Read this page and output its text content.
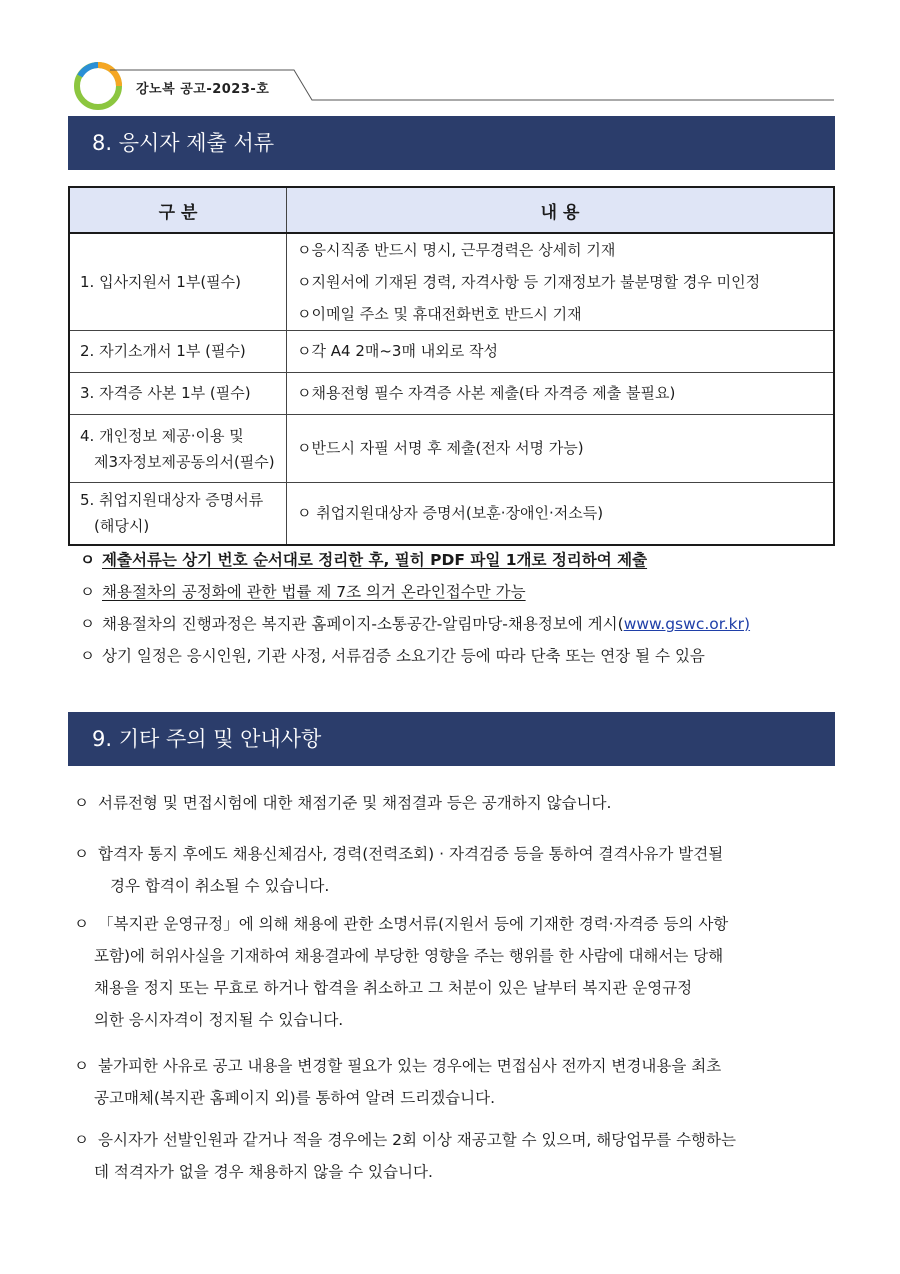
강노복 공고-2023-호
8. 응시자 제출 서류
구 분	내 용

1. 입사지원서 1부(필수)	ㅇ응시직종 반드시 명시, 근무경력은 상세히 기재
ㅇ지원서에 기재된 경력, 자격사항 등 기재정보가 불분명할 경우 미인정
ㅇ이메일 주소 및 휴대전화번호 반드시 기재

2. 자기소개서 1부 (필수)	ㅇ각 A4 2매~3매 내외로 작성

3. 자격증 사본 1부 (필수)	ㅇ채용전형 필수 자격증 사본 제출(타 자격증 제출 불필요)

4. 개인정보 제공·이용 및
제3자정보제공동의서(필수)	ㅇ반드시 자필 서명 후 제출(전자 서명 가능)

5. 취업지원대상자 증명서류
(해당시)	ㅇ 취업지원대상자 증명서(보훈·장애인·저소득)
ㅇ 제출서류는 상기 번호 순서대로 정리한 후, 필히 PDF 파일 1개로 정리하여 제출
ㅇ 채용절차의 공정화에 관한 법률 제 7조 의거 온라인접수만 가능
ㅇ 채용절차의 진행과정은 복지관 홈페이지-소통공간-알림마당-채용정보에 게시(www.gswc.or.kr)
ㅇ 상기 일정은 응시인원, 기관 사정, 서류검증 소요기간 등에 따라 단축 또는 연장 될 수 있음
9. 기타 주의 및 안내사항
ㅇ 서류전형 및 면접시험에 대한 채점기준 및 채점결과 등은 공개하지 않습니다.
ㅇ 합격자 통지 후에도 채용신체검사, 경력(전력조회) · 자격검증 등을 통하여 결격사유가 발견될
경우 합격이 취소될 수 있습니다.
ㅇ 「복지관 운영규정」에 의해 채용에 관한 소명서류(지원서 등에 기재한 경력·자격증 등의 사항
포함)에 허위사실을 기재하여 채용결과에 부당한 영향을 주는 행위를 한 사람에 대해서는 당해
채용을 정지 또는 무효로 하거나 합격을 취소하고 그 처분이 있은 날부터 복지관 운영규정
의한 응시자격이 정지될 수 있습니다.
ㅇ 불가피한 사유로 공고 내용을 변경할 필요가 있는 경우에는 면접심사 전까지 변경내용을 최초
공고매체(복지관 홈페이지 외)를 통하여 알려 드리겠습니다.
ㅇ 응시자가 선발인원과 같거나 적을 경우에는 2회 이상 재공고할 수 있으며, 해당업무를 수행하는
데 적격자가 없을 경우 채용하지 않을 수 있습니다.
